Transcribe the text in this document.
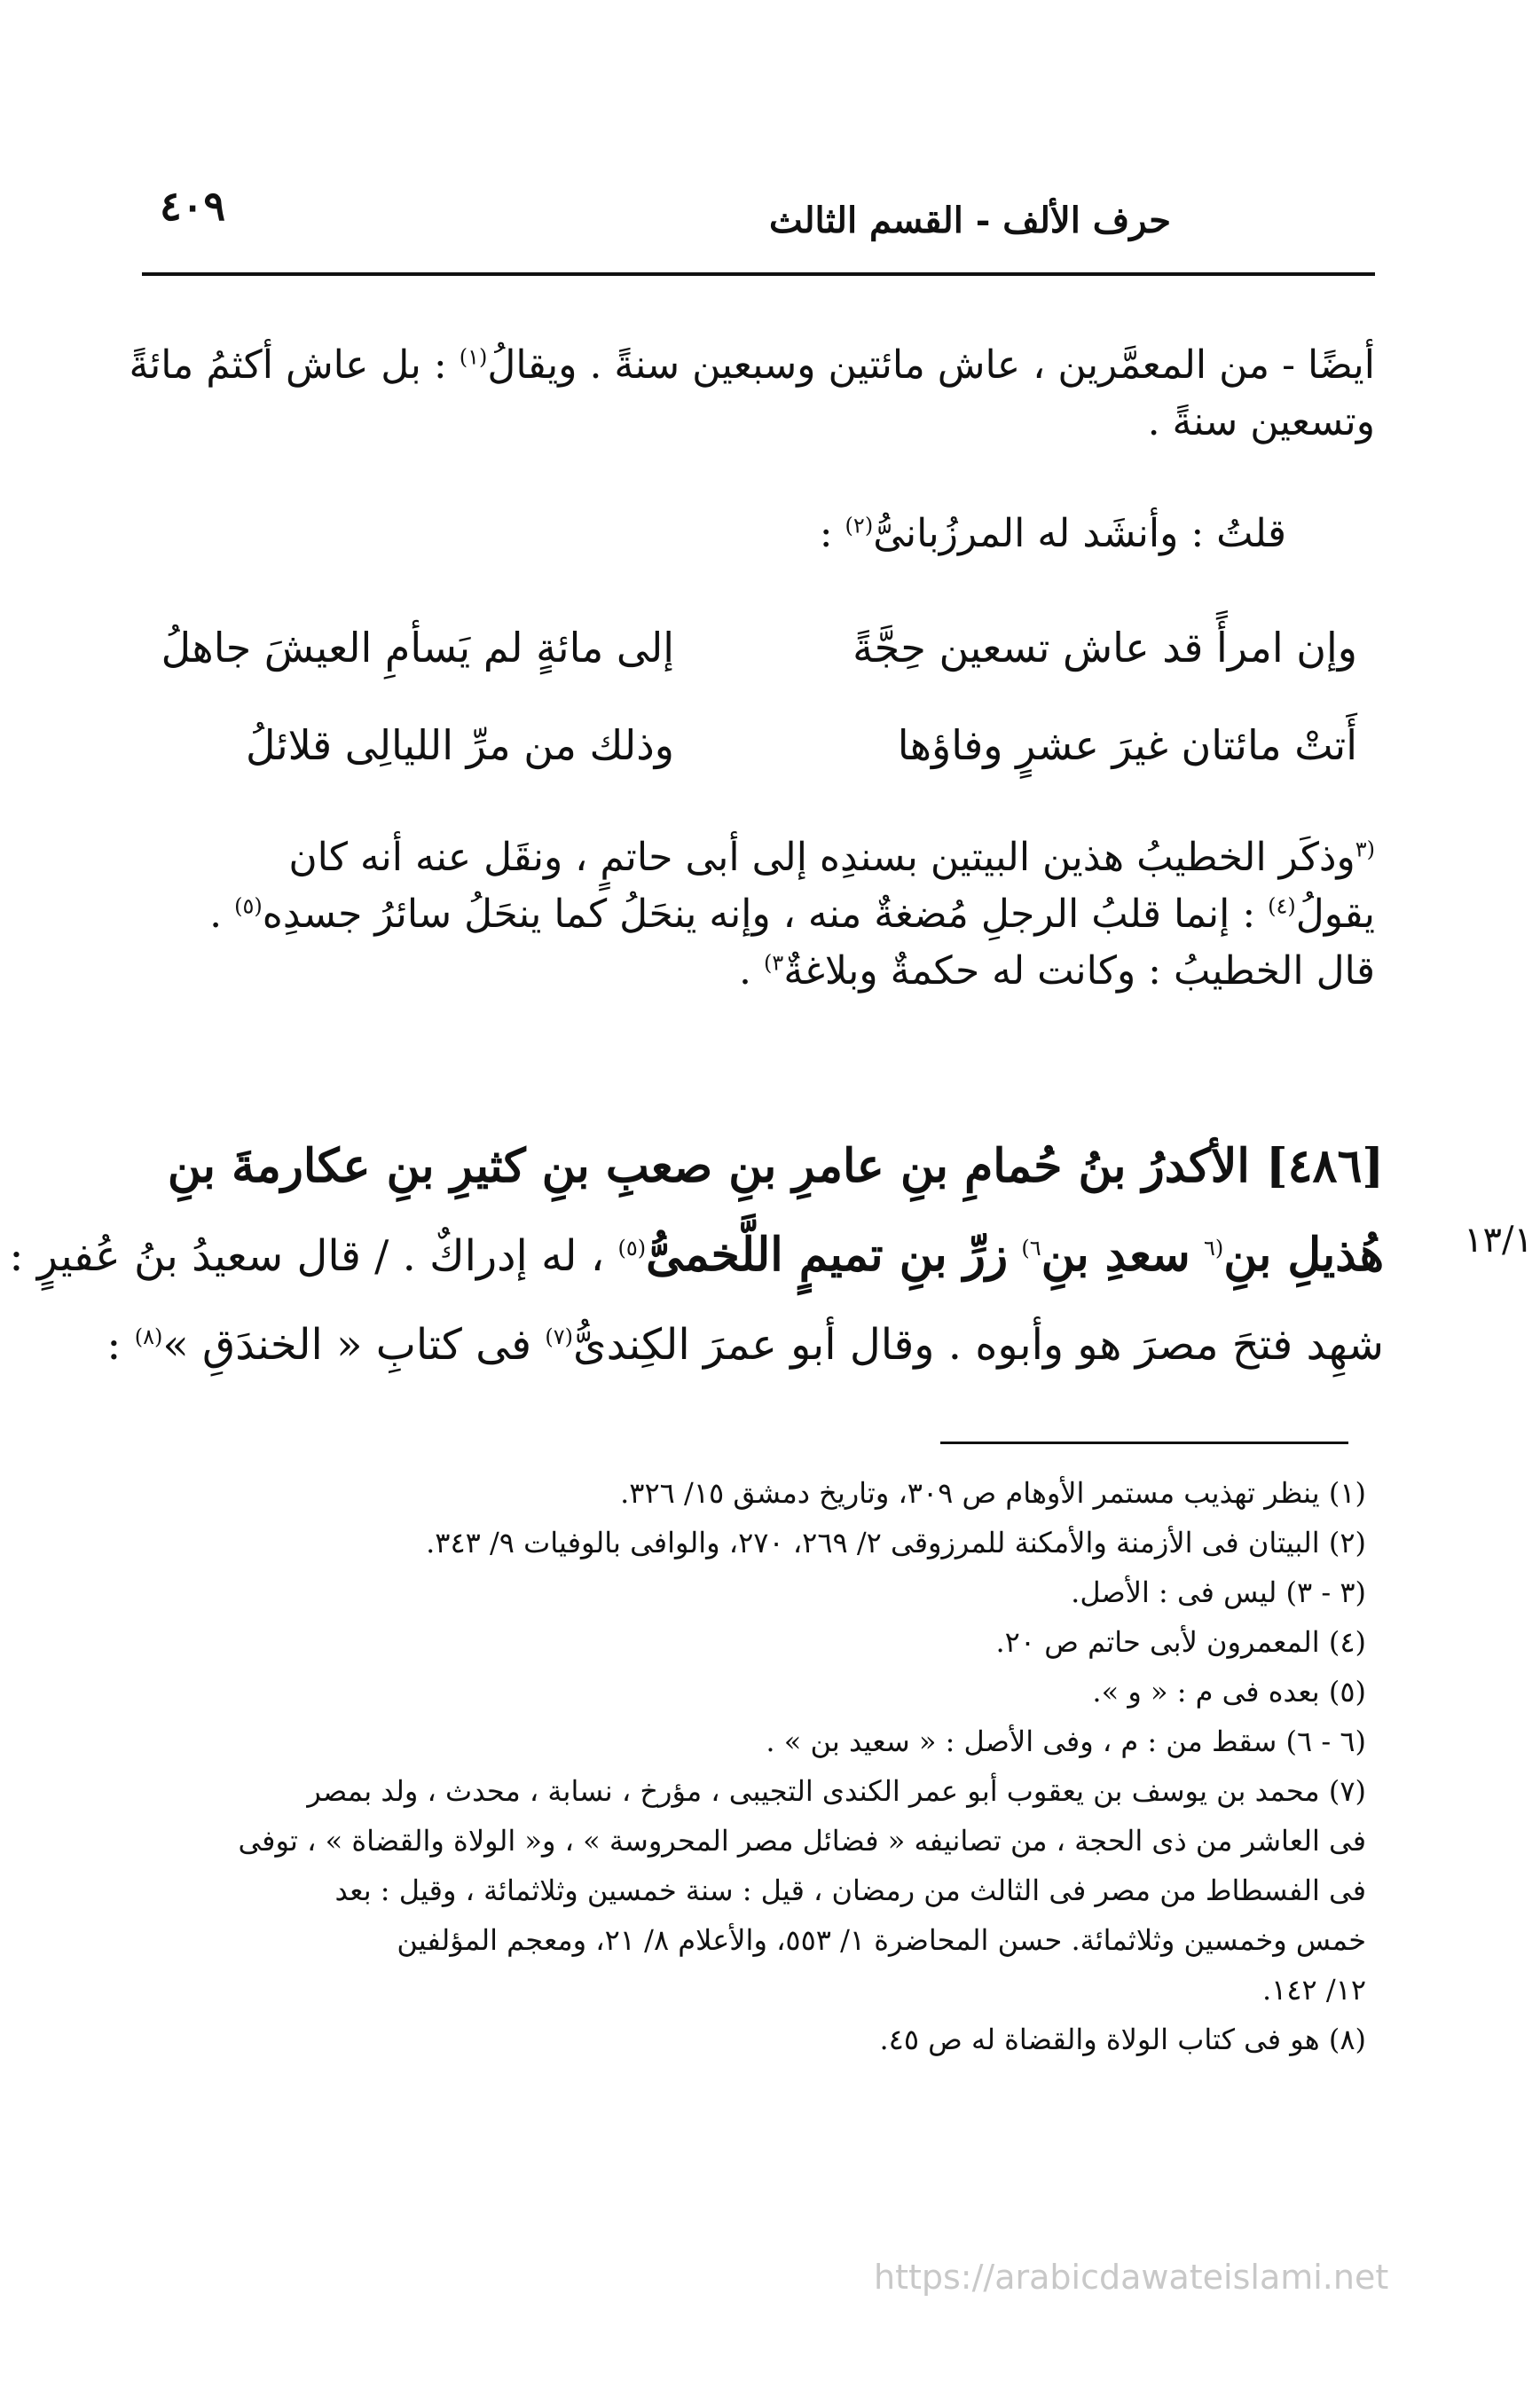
حرف الألف - القسم الثالث
٤٠٩
أيضًا - من المعمَّرين ، عاش مائتين وسبعين سنةً . ويقالُ$^{(١)}$ : بل عاش أكثمُ مائةً
وتسعين سنةً .
قلتُ : وأنشَد له المرزُبانىُّ$^{(٢)}$ :
وإن امرأً قد عاش تسعين حِجَّةً
إلى مائةٍ لم يَسأمِ العيشَ جاهلُ
أَتتْ مائتان غيرَ عشرٍ وفاؤها
وذلك من مرِّ الليالِى قلائلُ
$^{(٣}$وذكَر الخطيبُ هذين البيتين بسندِه إلى أبى حاتمٍ ، ونقَل عنه أنه كان
يقولُ$^{(٤)}$ : إنما قلبُ الرجلِ مُضغةٌ منه ، وإنه ينحَلُ كما ينحَلُ سائرُ جسدِه$^{(٥)}$ .
قال الخطيبُ : وكانت له حكمةٌ وبلاغةٌ$^{٣)}$ .
[٤٨٦] الأكدرُ بنُ حُمامِ بنِ عامرِ بنِ صعبِ بنِ كثيرِ بنِ عكارمةَ بنِ
هُذيلِ بنِ$^{(٦}$ سعدِ بنِ$^{٦)}$ زرِّ بنِ تميمٍ اللَّخمىُّ$^{(٥)}$ ، له إدراكٌ . / قال سعيدُ بنُ عُفيرٍ :
شهِد فتحَ مصرَ هو وأبوه . وقال أبو عمرَ الكِندىُّ$^{(٧)}$ فى كتابِ « الخندَقِ »$^{(٨)}$ :
١٣/١
(١) ينظر تهذيب مستمر الأوهام ص ٣٠٩، وتاريخ دمشق ١٥/ ٣٢٦.
(٢) البيتان فى الأزمنة والأمكنة للمرزوقى ٢/ ٢٦٩، ٢٧٠، والوافى بالوفيات ٩/ ٣٤٣.
(٣ - ٣) ليس فى : الأصل.
(٤) المعمرون لأبى حاتم ص ٢٠.
(٥) بعده فى م : « و ».
(٦ - ٦) سقط من : م ، وفى الأصل : « سعيد بن » .
(٧) محمد بن يوسف بن يعقوب أبو عمر الكندى التجيبى ، مؤرخ ، نسابة ، محدث ، ولد بمصر
فى العاشر من ذى الحجة ، من تصانيفه « فضائل مصر المحروسة » ، و« الولاة والقضاة » ، توفى
فى الفسطاط من مصر فى الثالث من رمضان ، قيل : سنة خمسين وثلاثمائة ، وقيل : بعد
خمس وخمسين وثلاثمائة. حسن المحاضرة ١/ ٥٥٣، والأعلام ٨/ ٢١، ومعجم المؤلفين
١٢/ ١٤٢.
(٨) هو فى كتاب الولاة والقضاة له ص ٤٥.
https://arabicdawateislami.net
